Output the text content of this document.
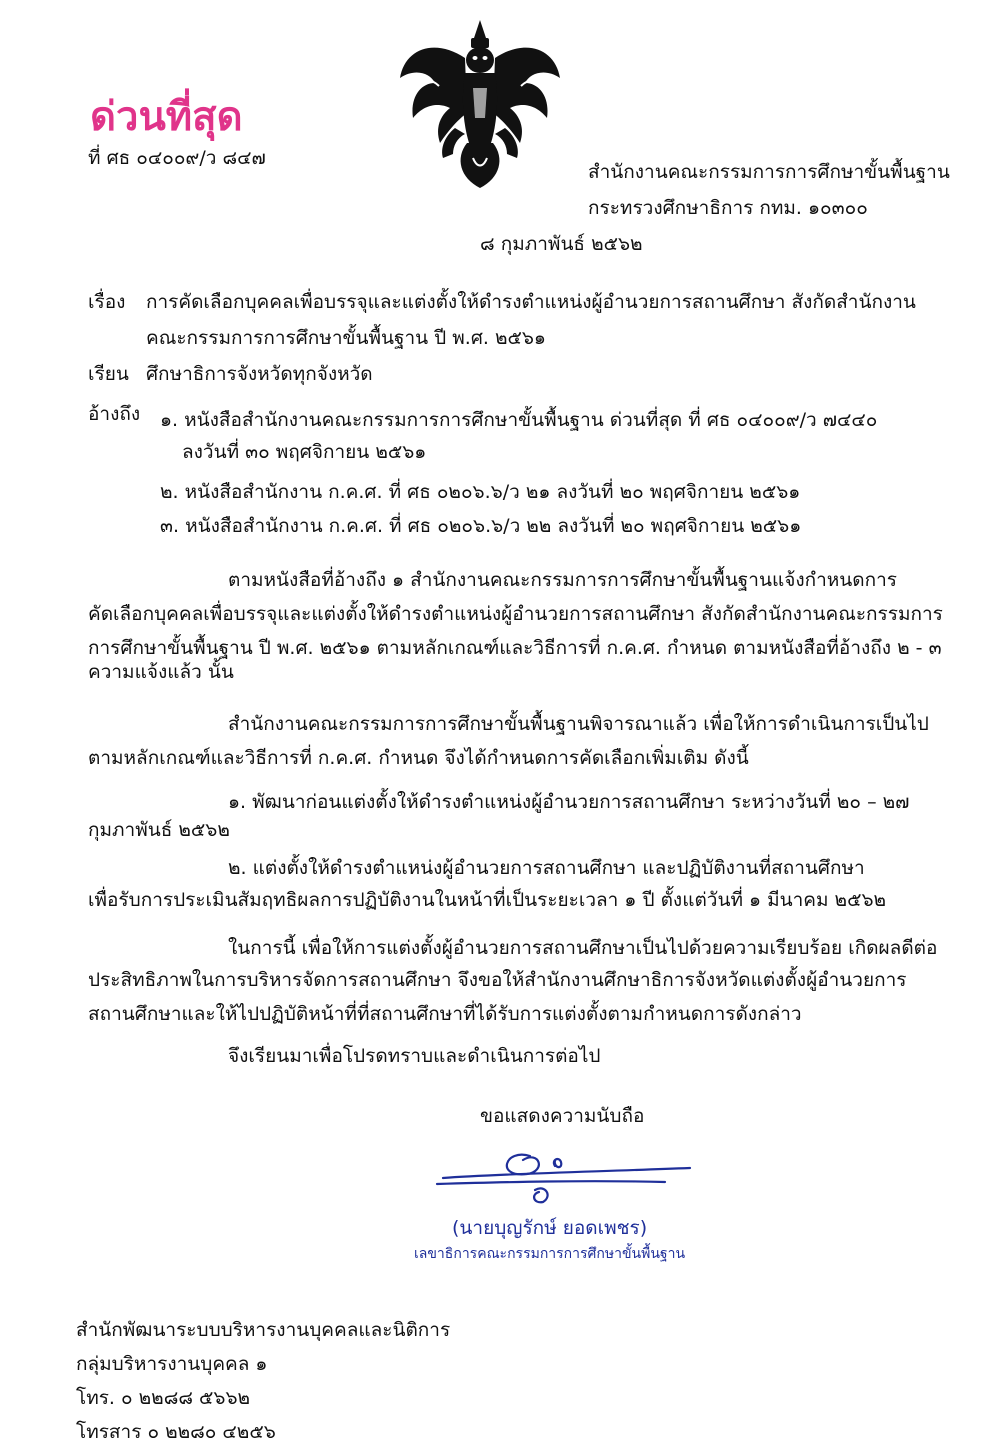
ด่วนที่สุด
ที่ ศธ ๐๔๐๐๙/ว ๘๔๗
สำนักงานคณะกรรมการการศึกษาขั้นพื้นฐาน
กระทรวงศึกษาธิการ กทม. ๑๐๓๐๐
๘ กุมภาพันธ์ ๒๕๖๒
เรื่อง การคัดเลือกบุคคลเพื่อบรรจุและแต่งตั้งให้ดำรงตำแหน่งผู้อำนวยการสถานศึกษา สังกัดสำนักงาน
คณะกรรมการการศึกษาขั้นพื้นฐาน ปี พ.ศ. ๒๕๖๑
เรียน ศึกษาธิการจังหวัดทุกจังหวัด
อ้างถึง ๑. หนังสือสำนักงานคณะกรรมการการศึกษาขั้นพื้นฐาน ด่วนที่สุด ที่ ศธ ๐๔๐๐๙/ว ๗๔๔๐
ลงวันที่ ๓๐ พฤศจิกายน ๒๕๖๑
๒. หนังสือสำนักงาน ก.ค.ศ. ที่ ศธ ๐๒๐๖.๖/ว ๒๑ ลงวันที่ ๒๐ พฤศจิกายน ๒๕๖๑
๓. หนังสือสำนักงาน ก.ค.ศ. ที่ ศธ ๐๒๐๖.๖/ว ๒๒ ลงวันที่ ๒๐ พฤศจิกายน ๒๕๖๑
ตามหนังสือที่อ้างถึง ๑ สำนักงานคณะกรรมการการศึกษาขั้นพื้นฐานแจ้งกำหนดการ
คัดเลือกบุคคลเพื่อบรรจุและแต่งตั้งให้ดำรงตำแหน่งผู้อำนวยการสถานศึกษา สังกัดสำนักงานคณะกรรมการ
การศึกษาขั้นพื้นฐาน ปี พ.ศ. ๒๕๖๑ ตามหลักเกณฑ์และวิธีการที่ ก.ค.ศ. กำหนด ตามหนังสือที่อ้างถึง ๒ - ๓
ความแจ้งแล้ว นั้น
สำนักงานคณะกรรมการการศึกษาขั้นพื้นฐานพิจารณาแล้ว เพื่อให้การดำเนินการเป็นไป
ตามหลักเกณฑ์และวิธีการที่ ก.ค.ศ. กำหนด จึงได้กำหนดการคัดเลือกเพิ่มเติม ดังนี้
๑. พัฒนาก่อนแต่งตั้งให้ดำรงตำแหน่งผู้อำนวยการสถานศึกษา ระหว่างวันที่ ๒๐ – ๒๗
กุมภาพันธ์ ๒๕๖๒
๒. แต่งตั้งให้ดำรงตำแหน่งผู้อำนวยการสถานศึกษา และปฏิบัติงานที่สถานศึกษา
เพื่อรับการประเมินสัมฤทธิผลการปฏิบัติงานในหน้าที่เป็นระยะเวลา ๑ ปี ตั้งแต่วันที่ ๑ มีนาคม ๒๕๖๒
ในการนี้ เพื่อให้การแต่งตั้งผู้อำนวยการสถานศึกษาเป็นไปด้วยความเรียบร้อย เกิดผลดีต่อ
ประสิทธิภาพในการบริหารจัดการสถานศึกษา จึงขอให้สำนักงานศึกษาธิการจังหวัดแต่งตั้งผู้อำนวยการ
สถานศึกษาและให้ไปปฏิบัติหน้าที่ที่สถานศึกษาที่ได้รับการแต่งตั้งตามกำหนดการดังกล่าว
จึงเรียนมาเพื่อโปรดทราบและดำเนินการต่อไป
ขอแสดงความนับถือ
(นายบุญรักษ์ ยอดเพชร)
เลขาธิการคณะกรรมการการศึกษาขั้นพื้นฐาน
สำนักพัฒนาระบบบริหารงานบุคคลและนิติการ
กลุ่มบริหารงานบุคคล ๑
โทร. ๐ ๒๒๘๘ ๕๖๖๒
โทรสาร ๐ ๒๒๘๐ ๔๒๕๖
